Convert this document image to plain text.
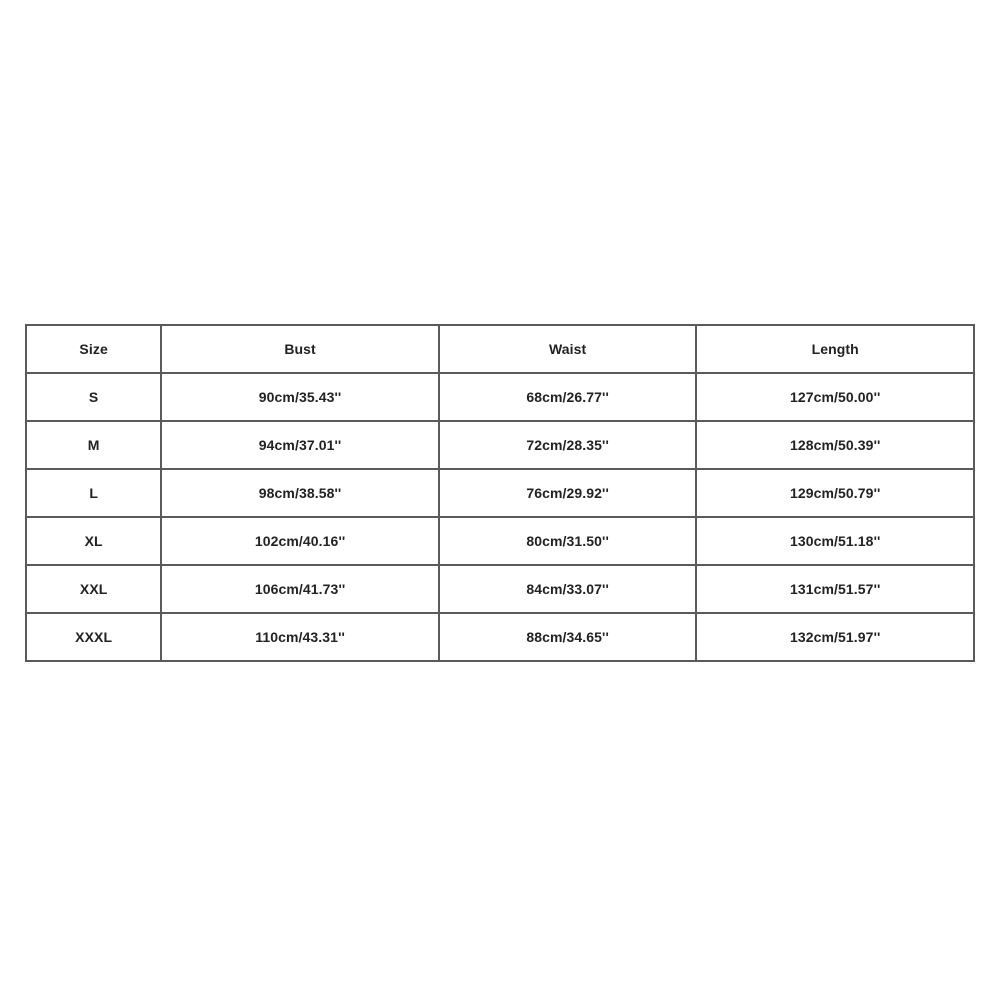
Size	Bust	Waist	Length
S	90cm/35.43''	68cm/26.77''	127cm/50.00''
M	94cm/37.01''	72cm/28.35''	128cm/50.39''
L	98cm/38.58''	76cm/29.92''	129cm/50.79''
XL	102cm/40.16''	80cm/31.50''	130cm/51.18''
XXL	106cm/41.73''	84cm/33.07''	131cm/51.57''
XXXL	110cm/43.31''	88cm/34.65''	132cm/51.97''
